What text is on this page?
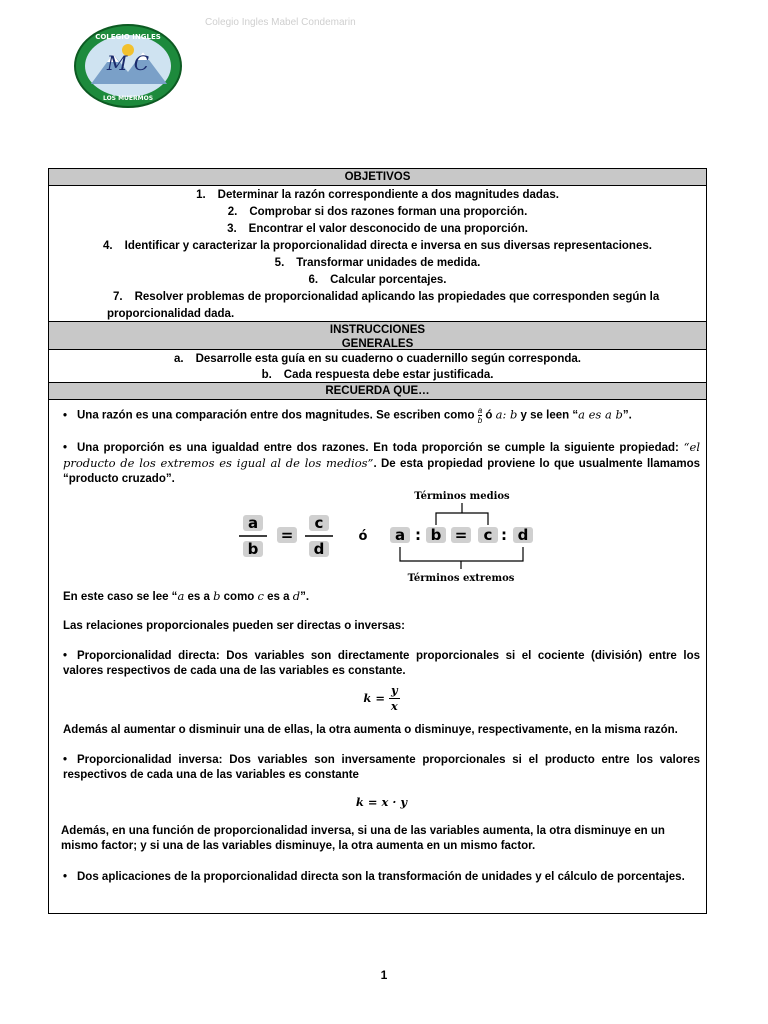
Colegio Ingles Mabel Condemarin
COLEGIO INGLES
M C
LOS MUERMOS
OBJETIVOS
1. Determinar la razón correspondiente a dos magnitudes dadas.
2. Comprobar si dos razones forman una proporción.
3. Encontrar el valor desconocido de una proporción.
4. Identificar y caracterizar la proporcionalidad directa e inversa en sus diversas representaciones.
5. Transformar unidades de medida.
6. Calcular porcentajes.
7. Resolver problemas de proporcionalidad aplicando las propiedades que corresponden según la
proporcionalidad dada.
INSTRUCCIONES
GENERALES
a. Desarrolle esta guía en su cuaderno o cuadernillo según corresponda.
b. Cada respuesta debe estar justificada.
RECUERDA QUE…

• Una razón es una comparación entre dos magnitudes. Se escriben como $\frac{a}{b}$ ó a: b y se leen “a es a b”.

• Una proporción es una igualdad entre dos razones. En toda proporción se cumple la siguiente propiedad: “el producto de los extremos es igual al de los medios”. De esta propiedad proviene lo que usualmente llamamos “producto cruzado”.

a
b
=
c
d
ó a : b = c : d
Términos medios
Términos extremos

En este caso se lee “a es a b como c es a d”.

Las relaciones proporcionales pueden ser directas o inversas:

• Proporcionalidad directa: Dos variables son directamente proporcionales si el cociente (división) entre los valores respectivos de cada una de las variables es constante.

$k = \frac{y}{x}$

Además al aumentar o disminuir una de ellas, la otra aumenta o disminuye, respectivamente, en la misma razón.

• Proporcionalidad inversa: Dos variables son inversamente proporcionales si el producto entre los valores respectivos de cada una de las variables es constante

k = x · y

Además, en una función de proporcionalidad inversa, si una de las variables aumenta, la otra disminuye en un mismo factor; y si una de las variables disminuye, la otra aumenta en un mismo factor.

• Dos aplicaciones de la proporcionalidad directa son la transformación de unidades y el cálculo de porcentajes.

1
